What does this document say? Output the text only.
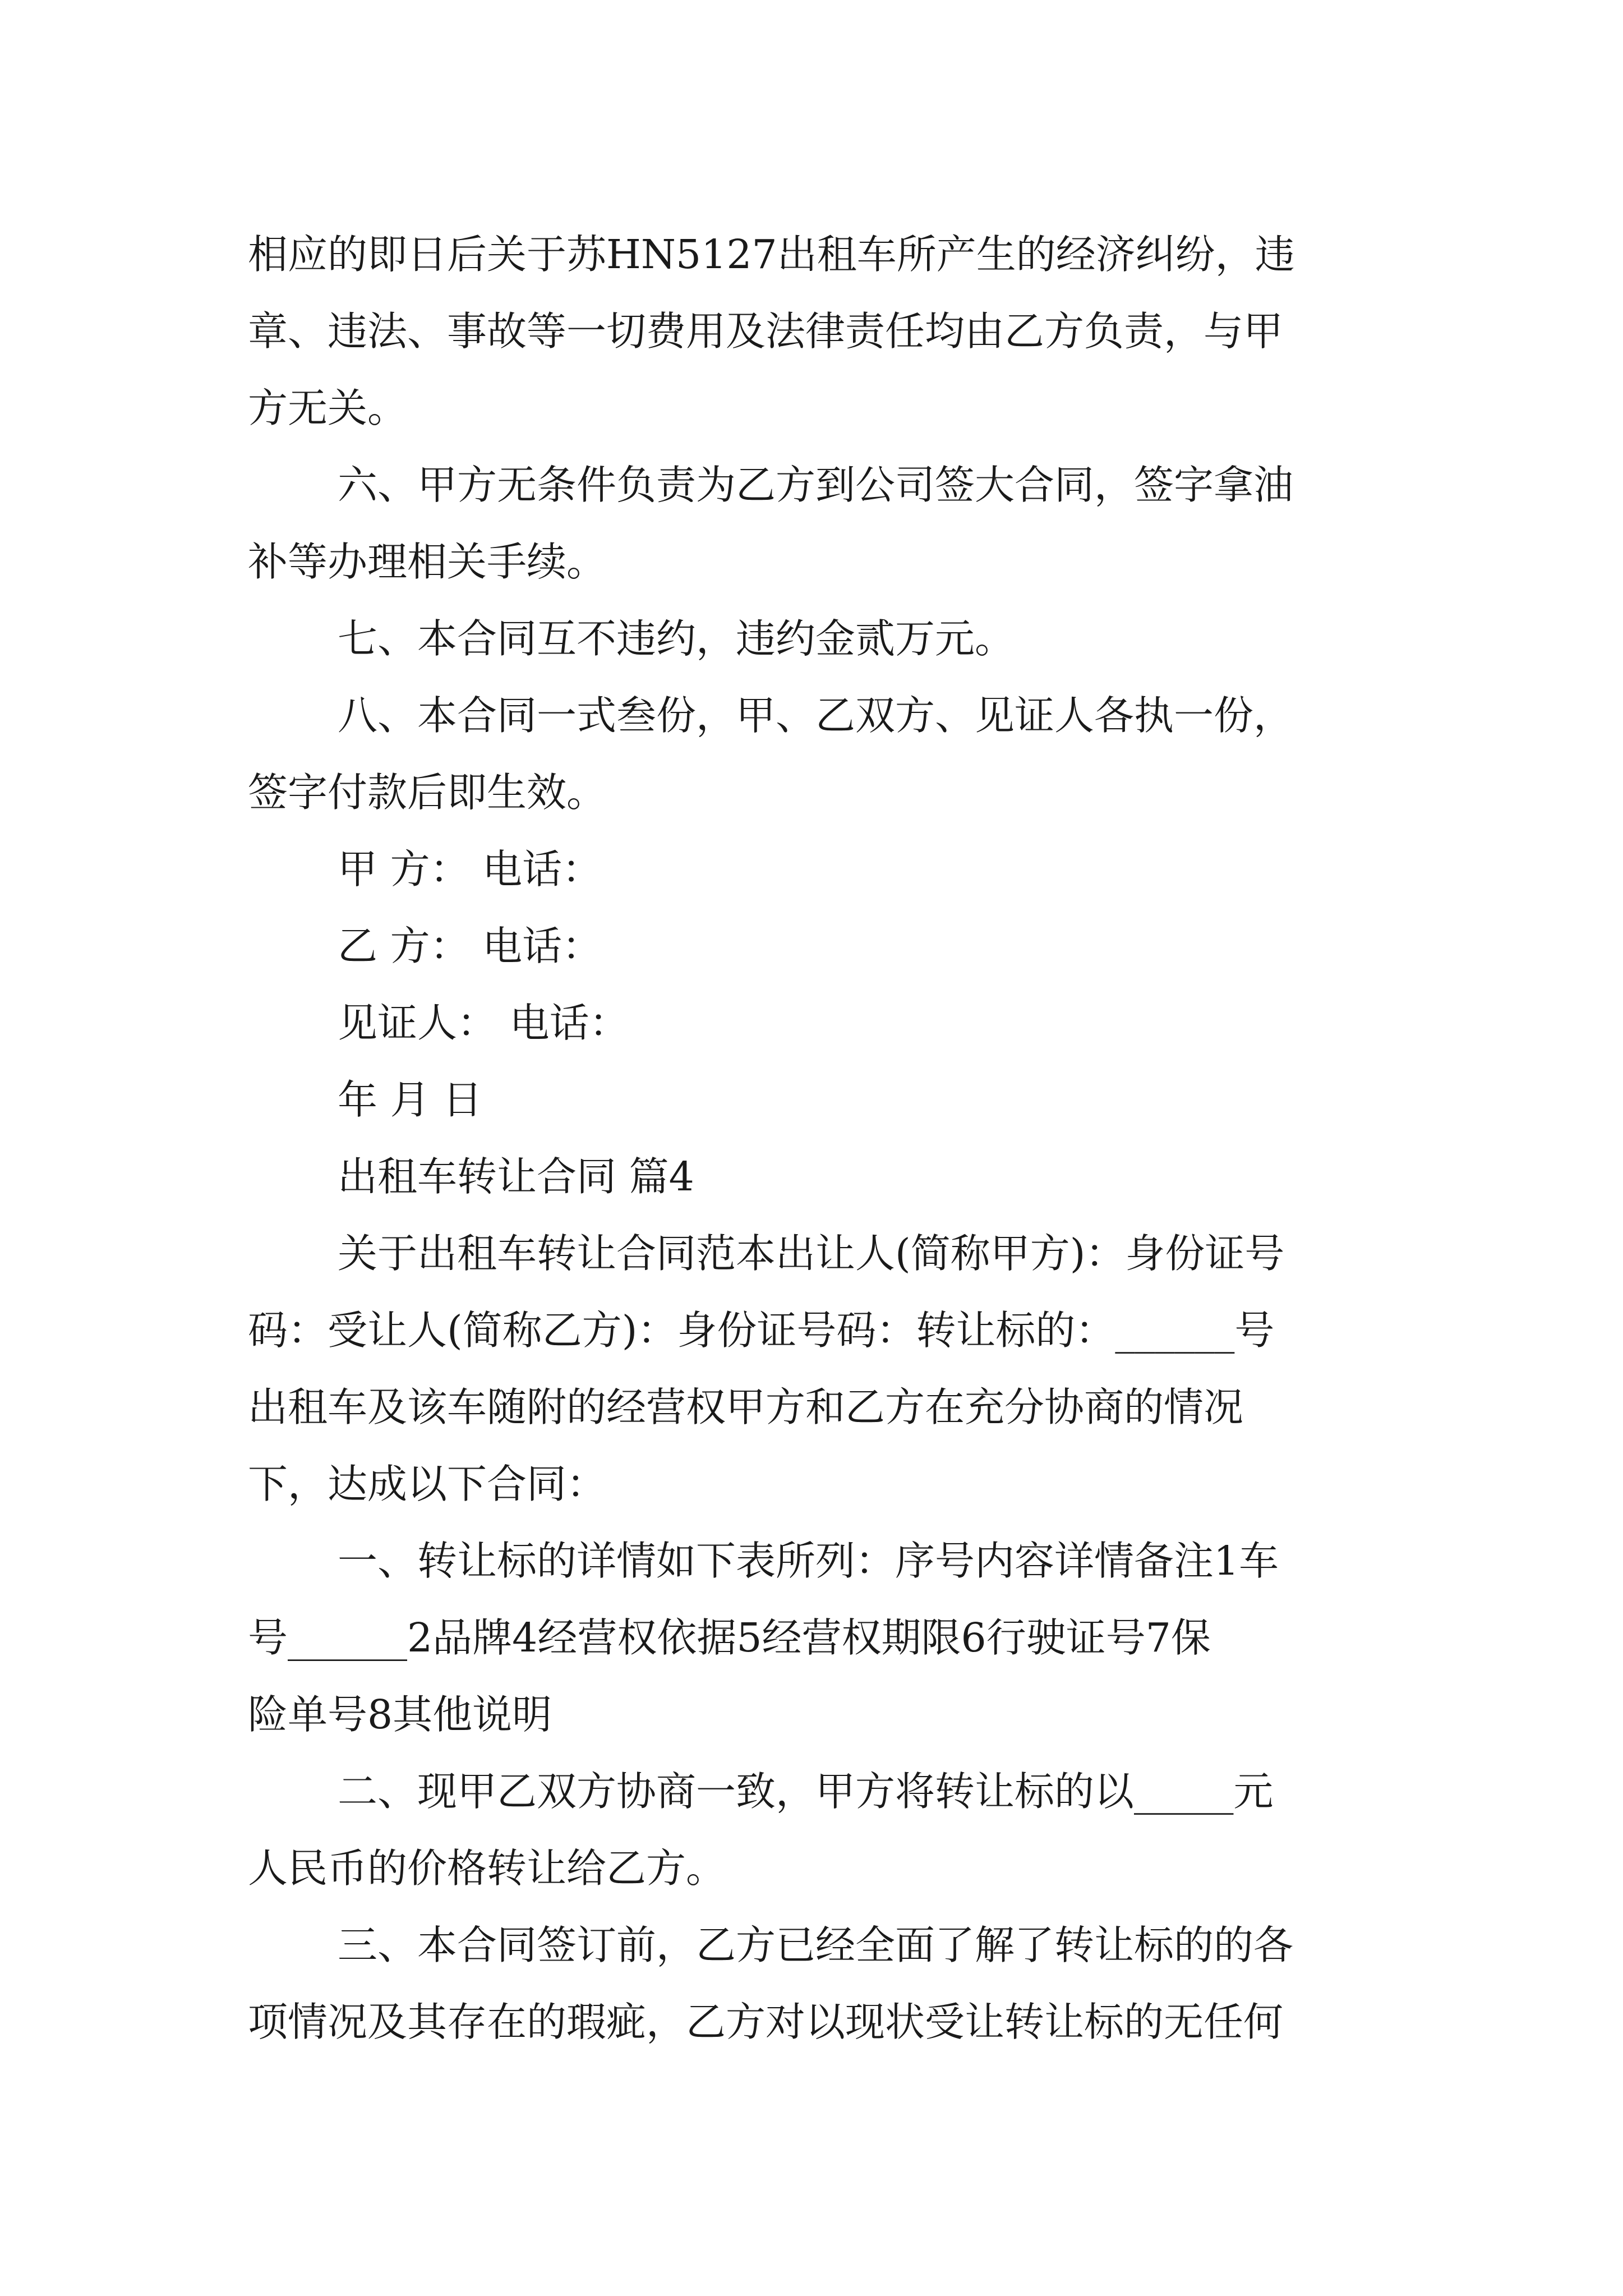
相应的即日后关于苏HN5127出租车所产生的经济纠纷，违
章、违法、事故等一切费用及法律责任均由乙方负责，与甲
方无关。
六、甲方无条件负责为乙方到公司签大合同，签字拿油
补等办理相关手续。
七、本合同互不违约，违约金贰万元。
八、本合同一式叁份，甲、乙双方、见证人各执一份，
签字付款后即生效。
甲 方： 电话：
乙 方： 电话：
见证人： 电话：
年 月 日
出租车转让合同 篇4
关于出租车转让合同范本出让人(简称甲方)：身份证号
码：受让人(简称乙方)：身份证号码：转让标的：______号
出租车及该车随附的经营权甲方和乙方在充分协商的情况
下，达成以下合同：
一、转让标的详情如下表所列：序号内容详情备注1车
号______2品牌4经营权依据5经营权期限6行驶证号7保
险单号8其他说明
二、现甲乙双方协商一致，甲方将转让标的以_____元
人民币的价格转让给乙方。
三、本合同签订前，乙方已经全面了解了转让标的的各
项情况及其存在的瑕疵，乙方对以现状受让转让标的无任何
